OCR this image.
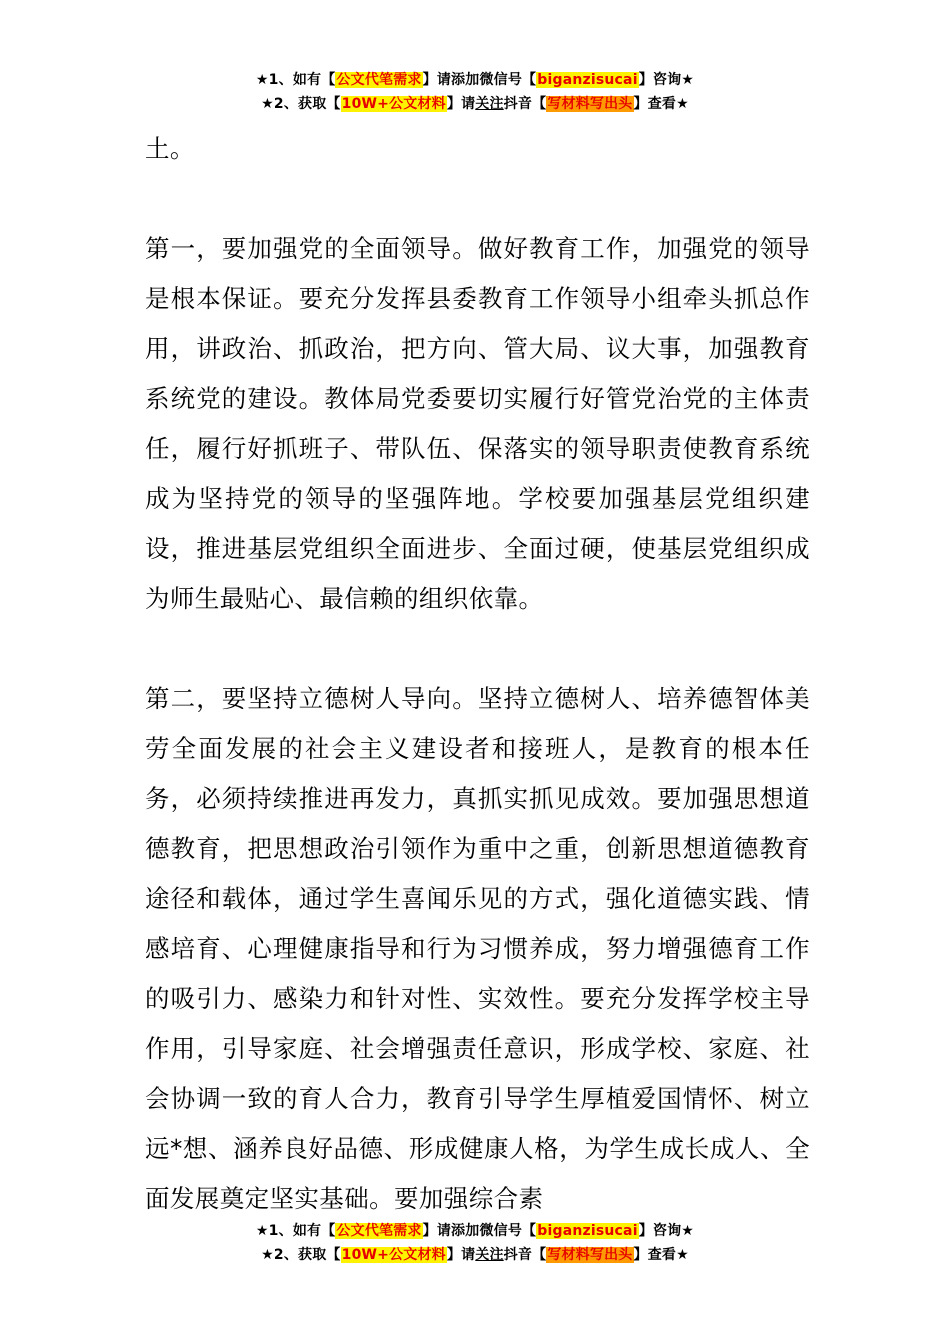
★1、如有【公文代笔需求】请添加微信号【biganzisucai】咨询★
★2、获取【10W+公文材料】请关注抖音【写材料写出头】查看★

土。

第一，要加强党的全面领导。做好教育工作，加强党的领导是根本保证。要充分发挥县委教育工作领导小组牵头抓总作用，讲政治、抓政治，把方向、管大局、议大事，加强教育系统党的建设。教体局党委要切实履行好管党治党的主体责任，履行好抓班子、带队伍、保落实的领导职责使教育系统成为坚持党的领导的坚强阵地。学校要加强基层党组织建设，推进基层党组织全面进步、全面过硬，使基层党组织成为师生最贴心、最信赖的组织依靠。

第二，要坚持立德树人导向。坚持立德树人、培养德智体美劳全面发展的社会主义建设者和接班人，是教育的根本任务，必须持续推进再发力，真抓实抓见成效。要加强思想道德教育，把思想政治引领作为重中之重，创新思想道德教育途径和载体，通过学生喜闻乐见的方式，强化道德实践、情感培育、心理健康指导和行为习惯养成，努力增强德育工作的吸引力、感染力和针对性、实效性。要充分发挥学校主导作用，引导家庭、社会增强责任意识，形成学校、家庭、社会协调一致的育人合力，教育引导学生厚植爱国情怀、树立远*想、涵养良好品德、形成健康人格，为学生成长成人、全面发展奠定坚实基础。要加强综合素

★1、如有【公文代笔需求】请添加微信号【biganzisucai】咨询★
★2、获取【10W+公文材料】请关注抖音【写材料写出头】查看★
